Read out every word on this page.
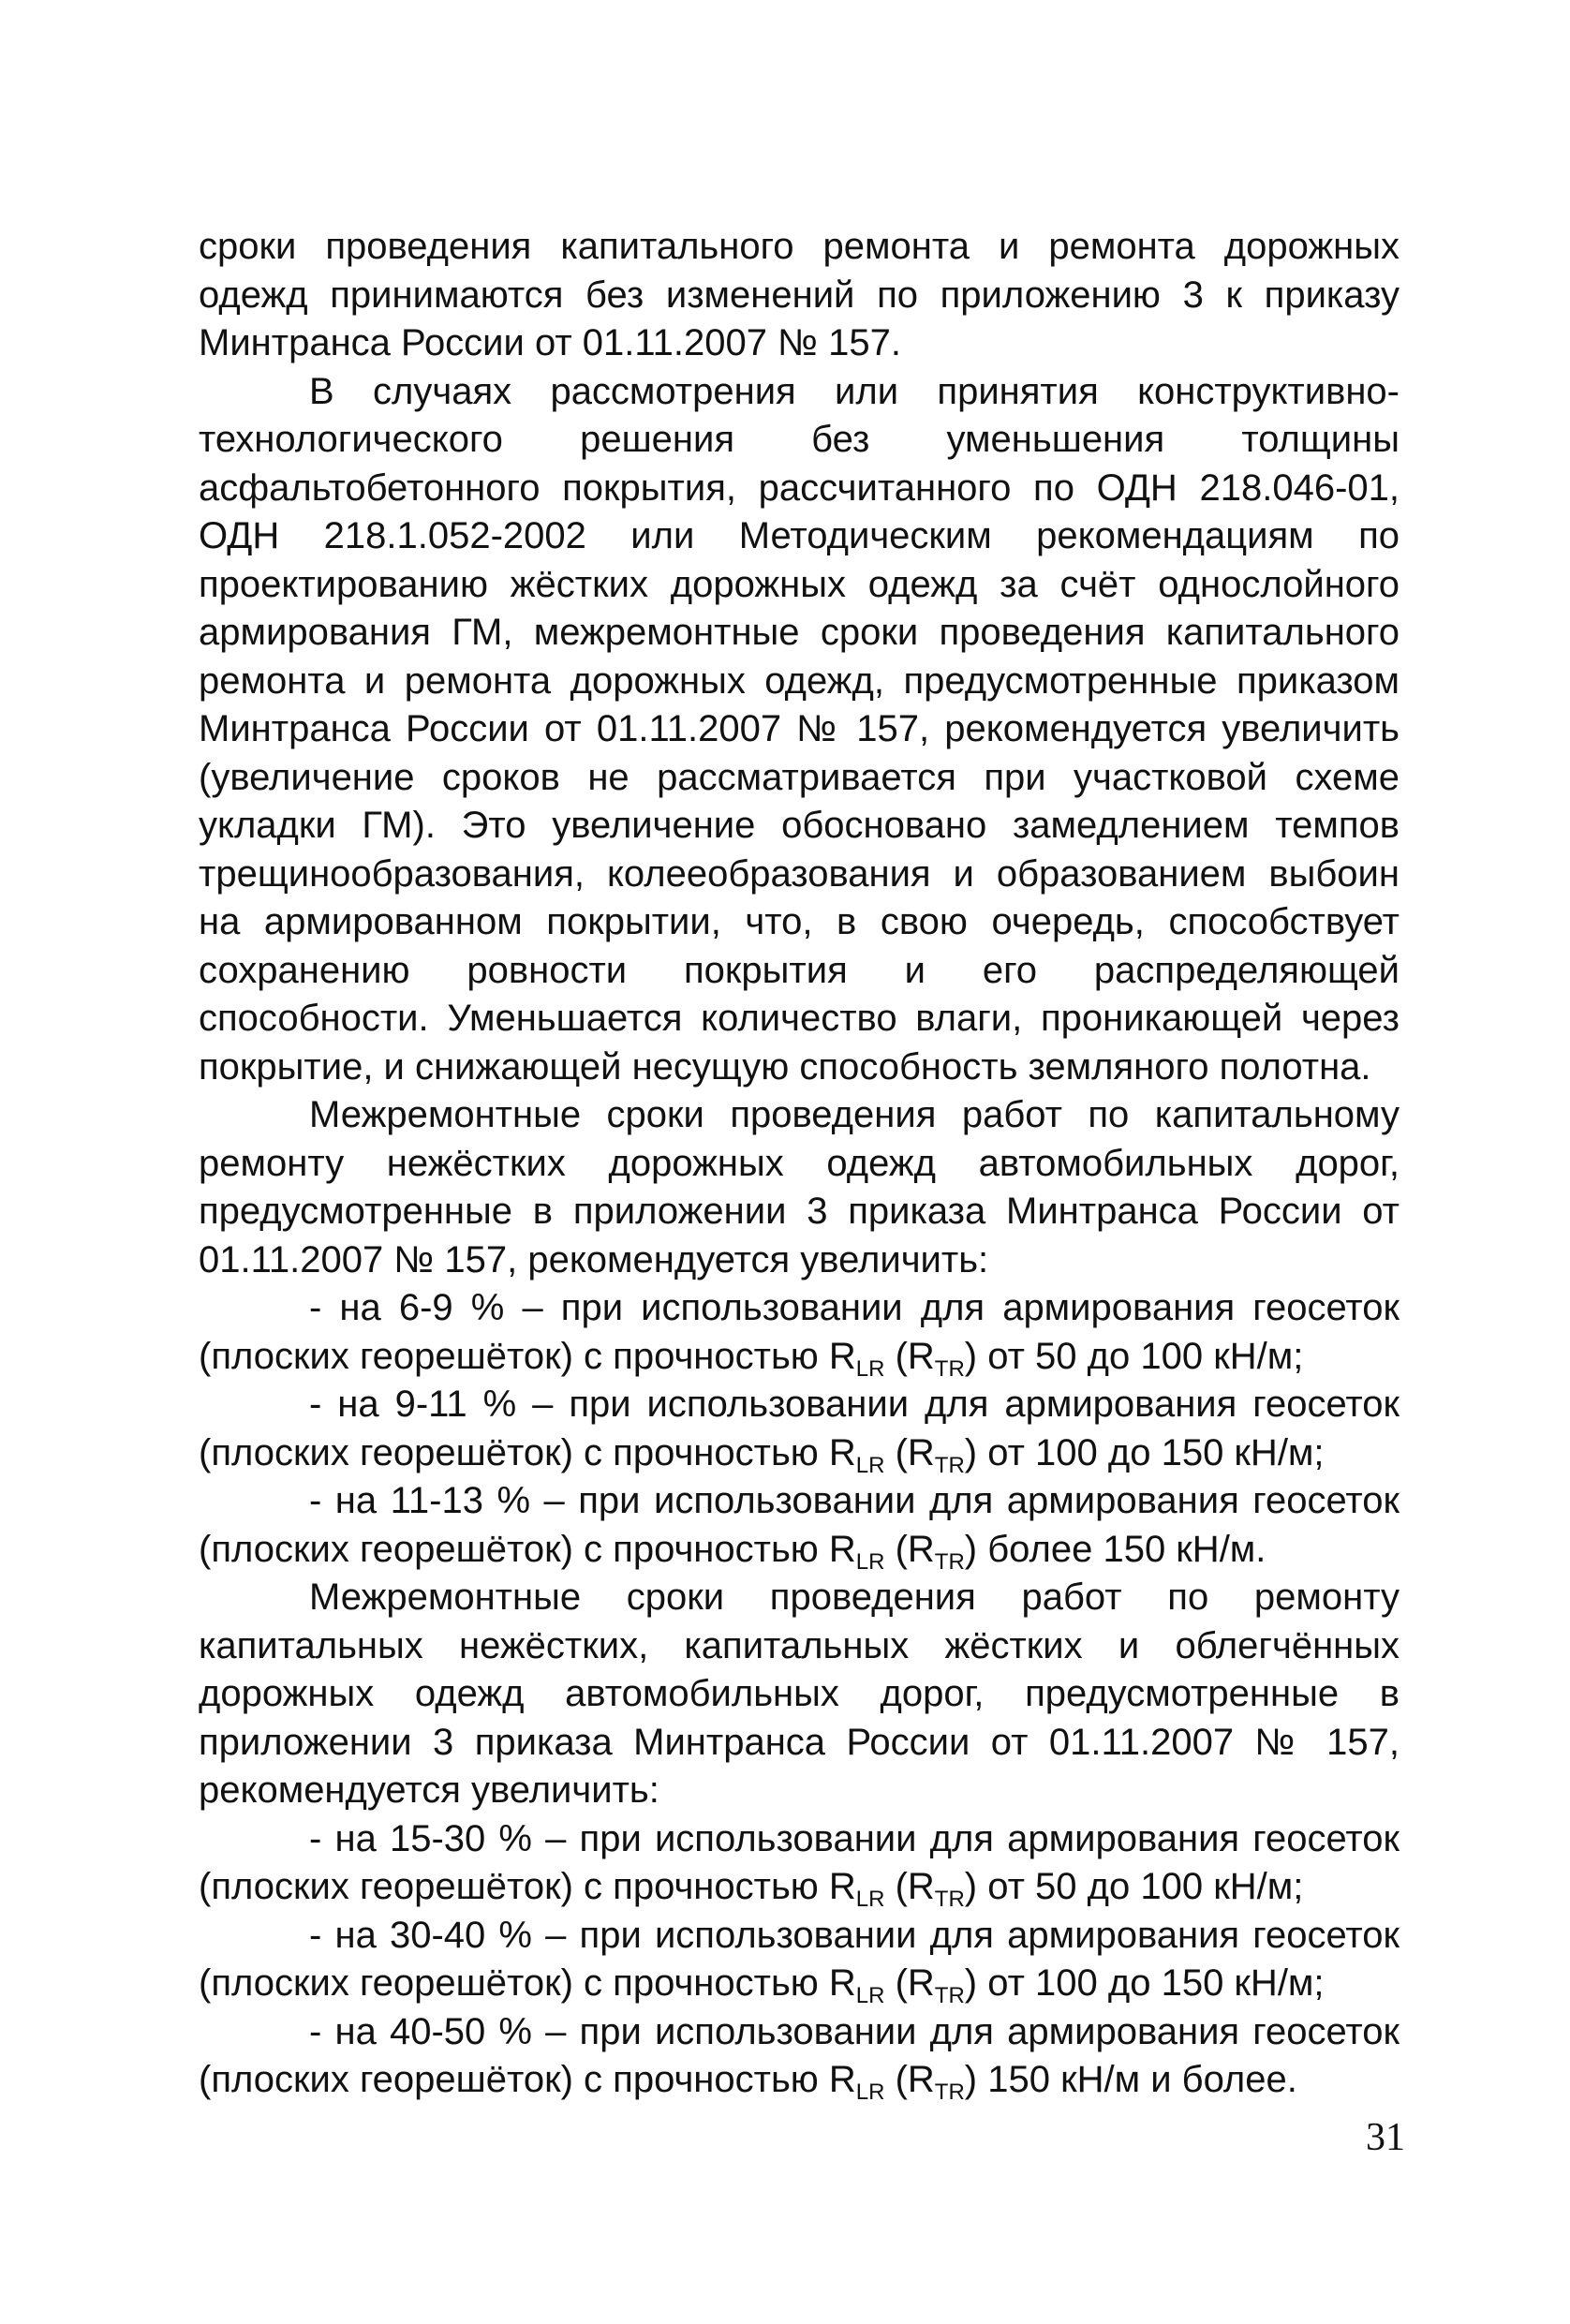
сроки проведения капитального ремонта и ремонта дорожных одежд принимаются без изменений по приложению 3 к приказу Минтранса России от 01.11.2007 № 157.

В случаях рассмотрения или принятия конструктивно-технологического решения без уменьшения толщины асфальтобетонного покрытия, рассчитанного по ОДН 218.046-01, ОДН 218.1.052-2002 или Методическим рекомендациям по проектированию жёстких дорожных одежд за счёт однослойного армирования ГМ, межремонтные сроки проведения капитального ремонта и ремонта дорожных одежд, предусмотренные приказом Минтранса России от 01.11.2007 № 157, рекомендуется увеличить (увеличение сроков не рассматривается при участковой схеме укладки ГМ). Это увеличение обосновано замедлением темпов трещинообразования, колееобразования и образованием выбоин на армированном покрытии, что, в свою очередь, способствует сохранению ровности покрытия и его распределяющей способности. Уменьшается количество влаги, проникающей через покрытие, и снижающей несущую способность земляного полотна.

Межремонтные сроки проведения работ по капитальному ремонту нежёстких дорожных одежд автомобильных дорог, предусмотренные в приложении 3 приказа Минтранса России от 01.11.2007 № 157, рекомендуется увеличить:

- на 6-9 % – при использовании для армирования геосеток (плоских георешёток) с прочностью $R_{LR}$ $(R_{TR})$ от 50 до 100 кН/м;

- на 9-11 % – при использовании для армирования геосеток (плоских георешёток) с прочностью $R_{LR}$ $(R_{TR})$ от 100 до 150 кН/м;

- на 11-13 % – при использовании для армирования геосеток (плоских георешёток) с прочностью $R_{LR}$ $(R_{TR})$ более 150 кН/м.

Межремонтные сроки проведения работ по ремонту капитальных нежёстких, капитальных жёстких и облегчённых дорожных одежд автомобильных дорог, предусмотренные в приложении 3 приказа Минтранса России от 01.11.2007 № 157, рекомендуется увеличить:

- на 15-30 % – при использовании для армирования геосеток (плоских георешёток) с прочностью $R_{LR}$ $(R_{TR})$ от 50 до 100 кН/м;

- на 30-40 % – при использовании для армирования геосеток (плоских георешёток) с прочностью $R_{LR}$ $(R_{TR})$ от 100 до 150 кН/м;

- на 40-50 % – при использовании для армирования геосеток (плоских георешёток) с прочностью $R_{LR}$ $(R_{TR})$ 150 кН/м и более.

31
